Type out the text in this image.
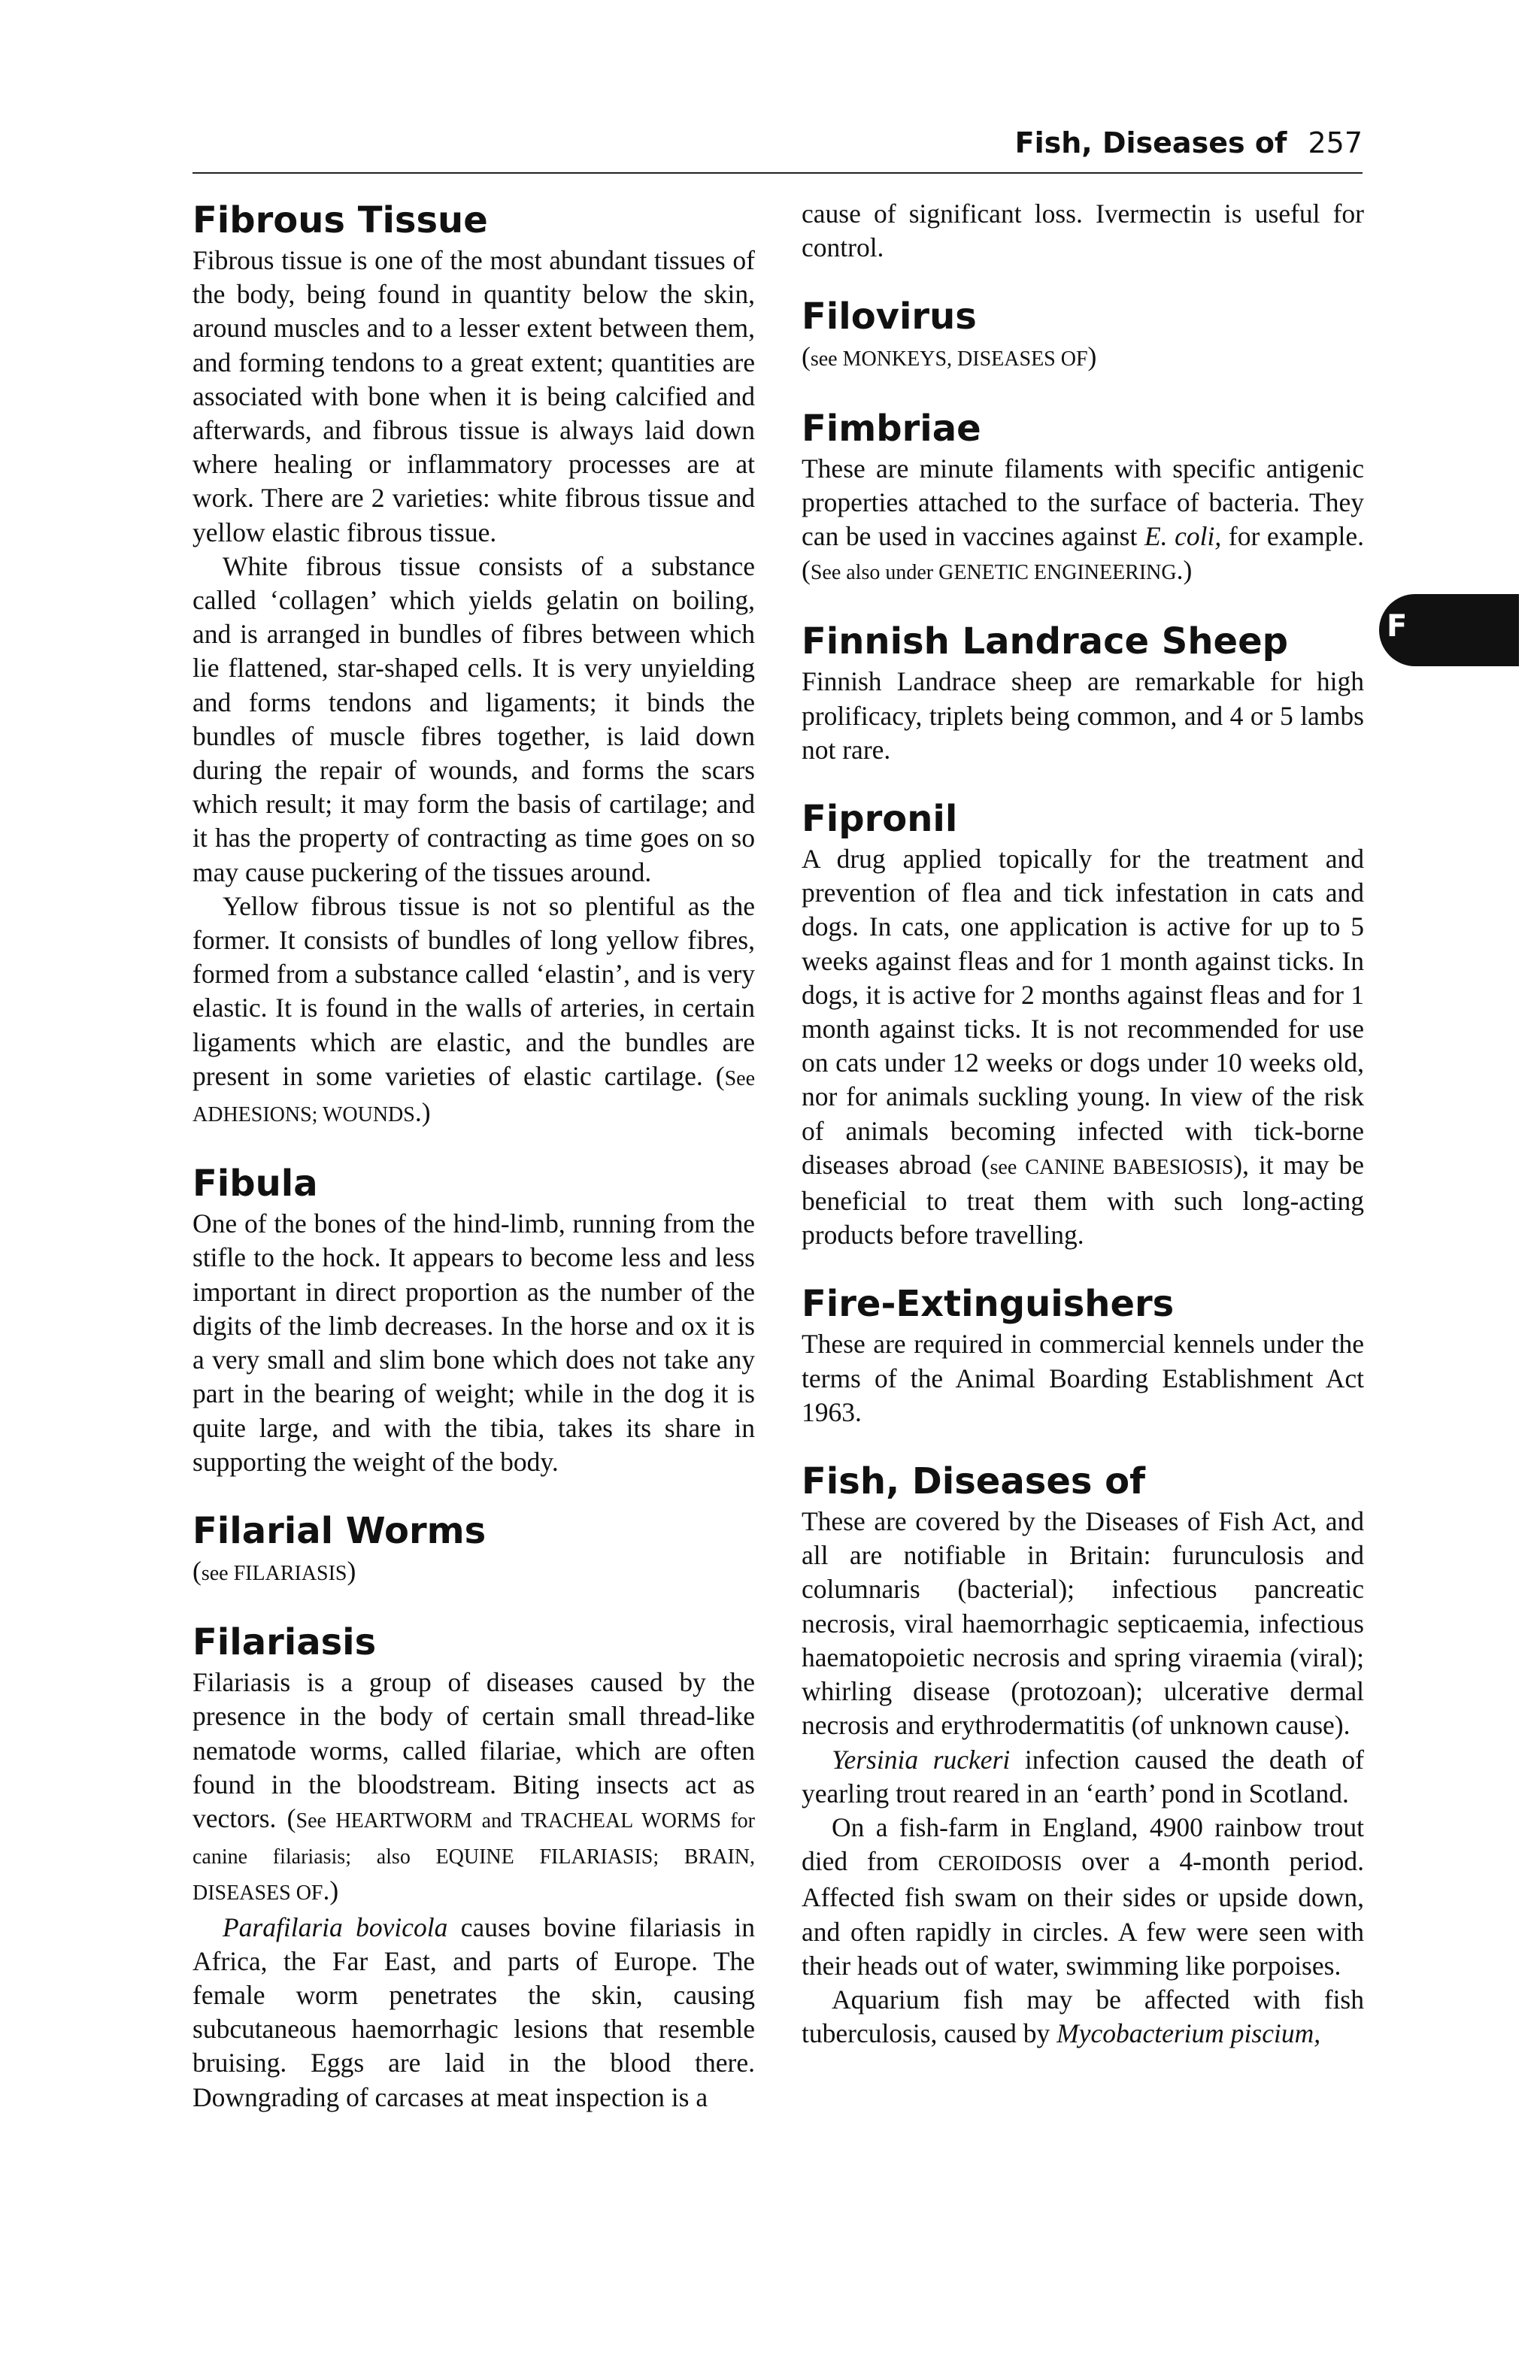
Fish, Diseases of 257
F
Fibrous Tissue

Fibrous tissue is one of the most abundant tissues of the body, being found in quantity below the skin, around muscles and to a lesser extent between them, and forming tendons to a great extent; quantities are associated with bone when it is being calcified and afterwards, and fibrous tissue is always laid down where healing or inflammatory processes are at work. There are 2 varieties: white fibrous tissue and yellow elastic fibrous tissue.

White fibrous tissue consists of a substance called ‘collagen’ which yields gelatin on boiling, and is arranged in bundles of fibres between which lie flattened, star-shaped cells. It is very unyielding and forms tendons and ligaments; it binds the bundles of muscle fibres together, is laid down during the repair of wounds, and forms the scars which result; it may form the basis of cartilage; and it has the property of contracting as time goes on so may cause puckering of the tissues around.

Yellow fibrous tissue is not so plentiful as the former. It consists of bundles of long yellow fibres, formed from a substance called ‘elastin’, and is very elastic. It is found in the walls of arteries, in certain ligaments which are elastic, and the bundles are present in some varieties of elastic cartilage. (See ADHESIONS; WOUNDS.)

Fibula

One of the bones of the hind-limb, running from the stifle to the hock. It appears to become less and less important in direct proportion as the number of the digits of the limb decreases. In the horse and ox it is a very small and slim bone which does not take any part in the bearing of weight; while in the dog it is quite large, and with the tibia, takes its share in supporting the weight of the body.

Filarial Worms

(see FILARIASIS)

Filariasis

Filariasis is a group of diseases caused by the presence in the body of certain small thread-like nematode worms, called filariae, which are often found in the bloodstream. Biting insects act as vectors. (See HEARTWORM and TRACHEAL WORMS for canine filariasis; also EQUINE FILARIASIS; BRAIN, DISEASES OF.)

Parafilaria bovicola causes bovine filariasis in Africa, the Far East, and parts of Europe. The female worm penetrates the skin, causing subcutaneous haemorrhagic lesions that resemble bruising. Eggs are laid in the blood there. Downgrading of carcases at meat inspection is a

cause of significant loss. Ivermectin is useful for control.

Filovirus

(see MONKEYS, DISEASES OF)

Fimbriae

These are minute filaments with specific antigenic properties attached to the surface of bacteria. They can be used in vaccines against E. coli, for example. (See also under GENETIC ENGINEERING.)

Finnish Landrace Sheep

Finnish Landrace sheep are remarkable for high prolificacy, triplets being common, and 4 or 5 lambs not rare.

Fipronil

A drug applied topically for the treatment and prevention of flea and tick infestation in cats and dogs. In cats, one application is active for up to 5 weeks against fleas and for 1 month against ticks. In dogs, it is active for 2 months against fleas and for 1 month against ticks. It is not recommended for use on cats under 12 weeks or dogs under 10 weeks old, nor for animals suckling young. In view of the risk of animals becoming infected with tick-borne diseases abroad (see CANINE BABESIOSIS), it may be beneficial to treat them with such long-acting products before travelling.

Fire-Extinguishers

These are required in commercial kennels under the terms of the Animal Boarding Establishment Act 1963.

Fish, Diseases of

These are covered by the Diseases of Fish Act, and all are notifiable in Britain: furunculosis and columnaris (bacterial); infectious pancreatic necrosis, viral haemorrhagic septicaemia, infectious haematopoietic necrosis and spring viraemia (viral); whirling disease (protozoan); ulcerative dermal necrosis and erythrodermatitis (of unknown cause).

Yersinia ruckeri infection caused the death of yearling trout reared in an ‘earth’ pond in Scotland.

On a fish-farm in England, 4900 rainbow trout died from CEROIDOSIS over a 4-month period. Affected fish swam on their sides or upside down, and often rapidly in circles. A few were seen with their heads out of water, swimming like porpoises.

Aquarium fish may be affected with fish tuberculosis, caused by Mycobacterium piscium,
